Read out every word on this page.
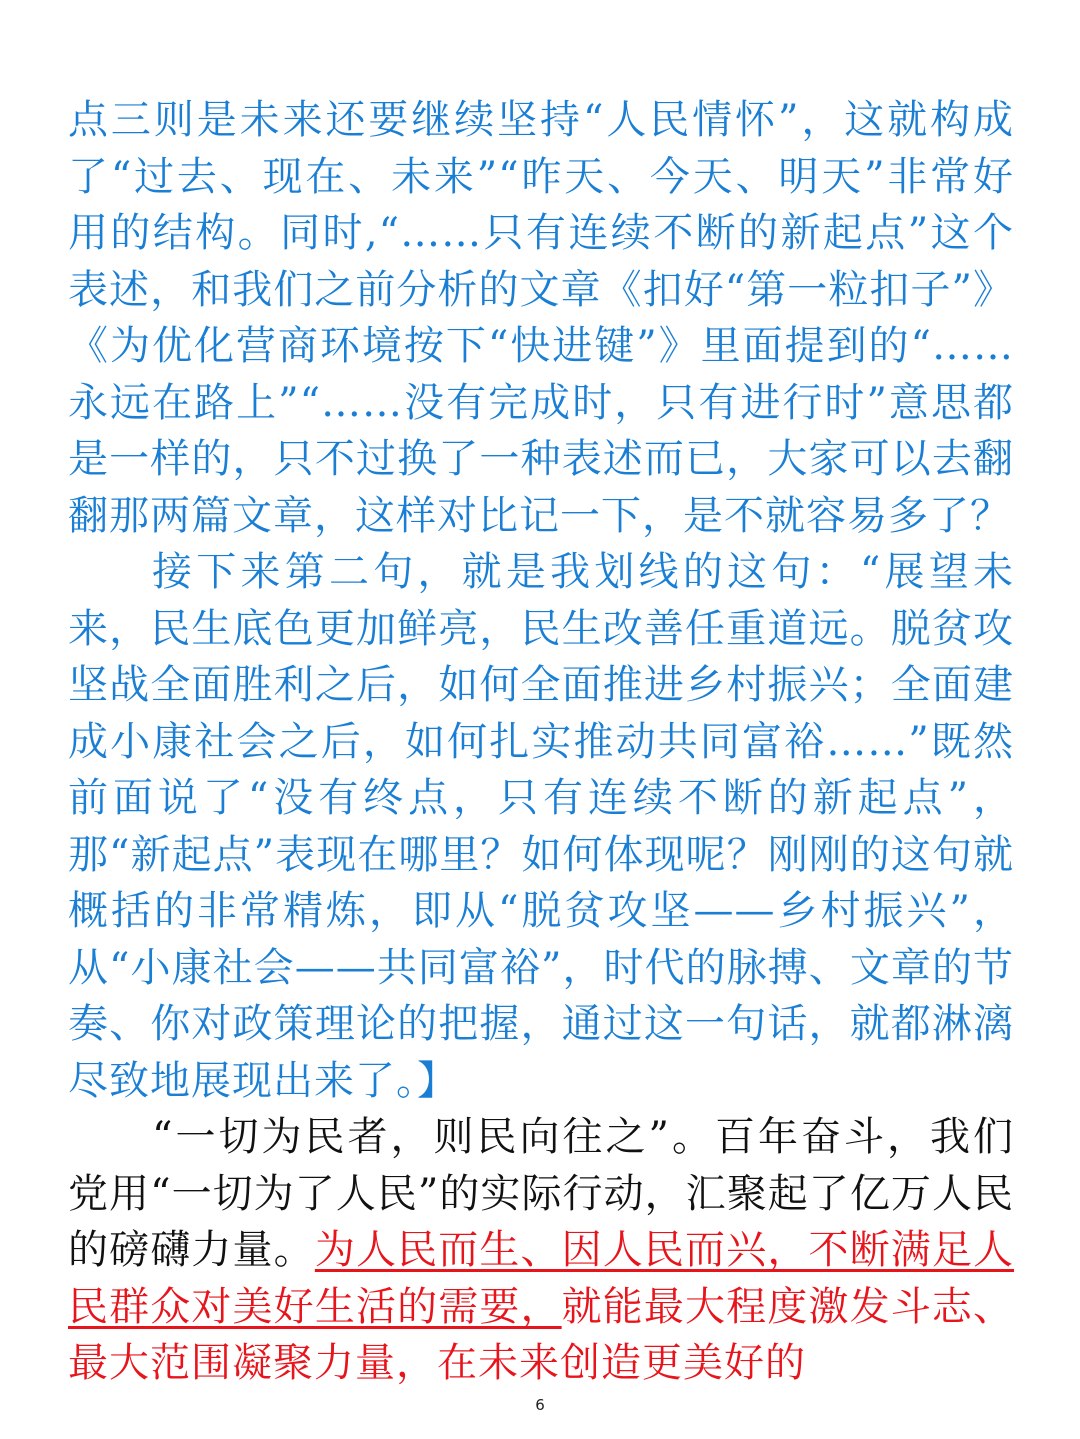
点三则是未来还要继续坚持“人民情怀”，这就构成了“过去、现在、未来”“昨天、今天、明天”非常好用的结构。同时,“……只有连续不断的新起点”这个表述，和我们之前分析的文章《扣好“第一粒扣子”》《为优化营商环境按下“快进键”》里面提到的“……永远在路上”“……没有完成时，只有进行时”意思都是一样的，只不过换了一种表述而已，大家可以去翻翻那两篇文章，这样对比记一下，是不就容易多了？

接下来第二句，就是我划线的这句：“展望未来，民生底色更加鲜亮，民生改善任重道远。脱贫攻坚战全面胜利之后，如何全面推进乡村振兴；全面建成小康社会之后，如何扎实推动共同富裕……”既然前面说了“没有终点，只有连续不断的新起点”，那“新起点”表现在哪里？如何体现呢？刚刚的这句就概括的非常精炼，即从“脱贫攻坚——乡村振兴”，从“小康社会——共同富裕”，时代的脉搏、文章的节奏、你对政策理论的把握，通过这一句话，就都淋漓尽致地展现出来了。】

“一切为民者，则民向往之”。百年奋斗，我们党用“一切为了人民”的实际行动，汇聚起了亿万人民的磅礴力量。为人民而生、因人民而兴，不断满足人民群众对美好生活的需要，就能最大程度激发斗志、最大范围凝聚力量，在未来创造更美好的

6
